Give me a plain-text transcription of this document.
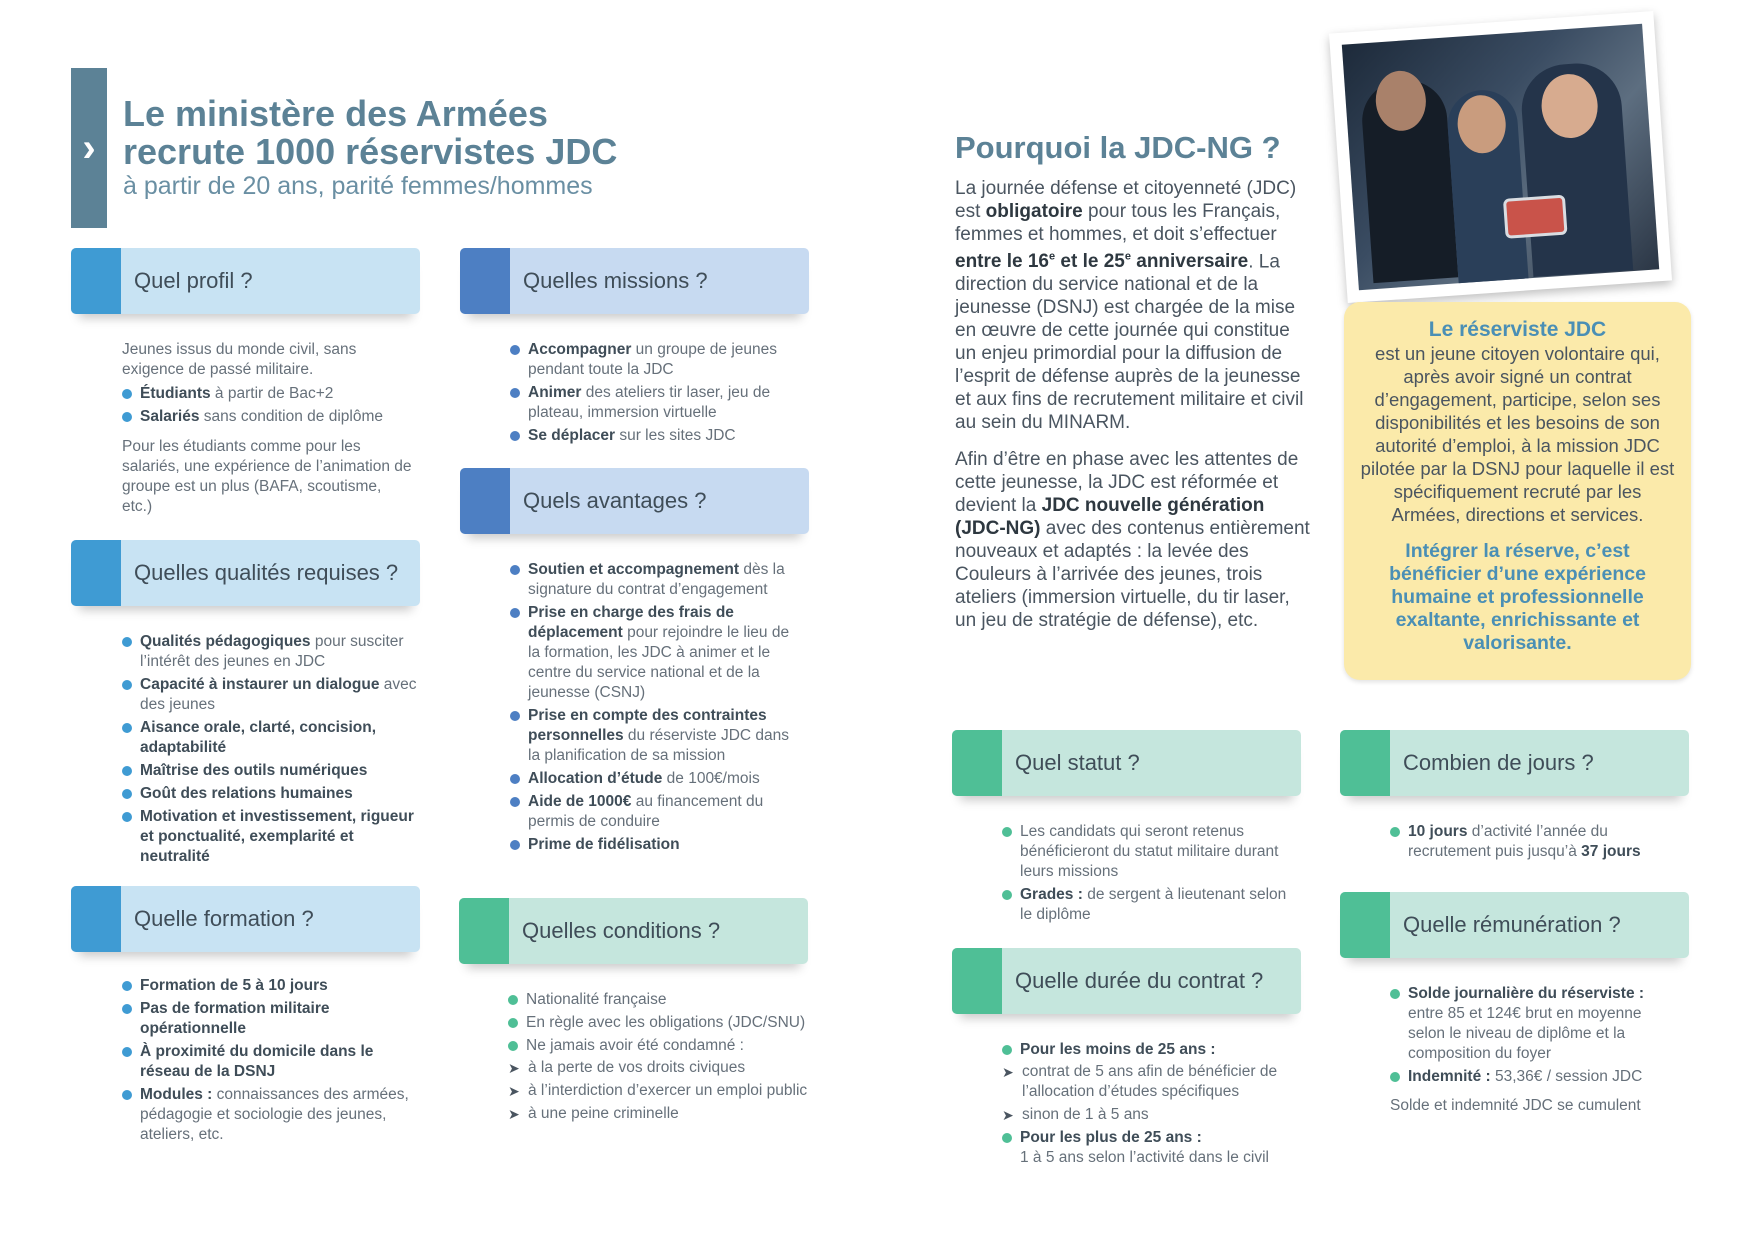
›
Le ministère des Armées
recrute 1000 réservistes JDC
à partir de 20 ans, parité femmes/hommes
Quel profil ?

Jeunes issus du monde civil, sans exigence de passé militaire.

Étudiants à partir de Bac+2
Salariés sans condition de diplôme

Pour les étudiants comme pour les salariés, une expérience de l’animation de groupe est un plus (BAFA, scoutisme, etc.)

Quelles qualités requises ?
Qualités pédagogiques pour susciter l’intérêt des jeunes en JDC
Capacité à instaurer un dialogue avec des jeunes
Aisance orale, clarté, concision, adaptabilité
Maîtrise des outils numériques
Goût des relations humaines
Motivation et investissement, rigueur et ponctualité, exemplarité et neutralité
Quelle formation ?
Formation de 5 à 10 jours
Pas de formation militaire opérationnelle
À proximité du domicile dans le réseau de la DSNJ
Modules : connaissances des armées, pédagogie et sociologie des jeunes, ateliers, etc.
Quelles missions ?
Accompagner un groupe de jeunes pendant toute la JDC
Animer des ateliers tir laser, jeu de plateau, immersion virtuelle
Se déplacer sur les sites JDC
Quels avantages ?
Soutien et accompagnement dès la signature du contrat d’engagement
Prise en charge des frais de déplacement pour rejoindre le lieu de la formation, les JDC à animer et le centre du service national et de la jeunesse (CSNJ)
Prise en compte des contraintes personnelles du réserviste JDC dans la planification de sa mission
Allocation d’étude de 100€/mois
Aide de 1000€ au financement du permis de conduire
Prime de fidélisation
Quelles conditions ?
Nationalité française
En règle avec les obligations (JDC/SNU)
Ne jamais avoir été condamné :
➤ à la perte de vos droits civiques
➤ à l’interdiction d’exercer un emploi public
➤ à une peine criminelle
Pourquoi la JDC-NG ?

La journée défense et citoyenneté (JDC) est obligatoire pour tous les Français, femmes et hommes, et doit s’effectuer entre le 16e et le 25e anniversaire. La direction du service national et de la jeunesse (DSNJ) est chargée de la mise en œuvre de cette journée qui constitue un enjeu primordial pour la diffusion de l’esprit de défense auprès de la jeunesse et aux fins de recrutement militaire et civil au sein du MINARM.

Afin d’être en phase avec les attentes de cette jeunesse, la JDC est réformée et devient la JDC nouvelle génération (JDC-NG) avec des contenus entièrement nouveaux et adaptés : la levée des Couleurs à l’arrivée des jeunes, trois ateliers (immersion virtuelle, du tir laser, un jeu de stratégie de défense), etc.

Quel statut ?
Les candidats qui seront retenus bénéficieront du statut militaire durant leurs missions
Grades : de sergent à lieutenant selon le diplôme
Quelle durée du contrat ?
Pour les moins de 25 ans :
➤ contrat de 5 ans afin de bénéficier de l’allocation d’études spécifiques
➤ sinon de 1 à 5 ans
Pour les plus de 25 ans :
1 à 5 ans selon l’activité dans le civil
Le réserviste JDC
est un jeune citoyen volontaire qui, après avoir signé un contrat d’engagement, participe, selon ses disponibilités et les besoins de son autorité d’emploi, à la mission JDC pilotée par la DSNJ pour laquelle il est spécifiquement recruté par les Armées, directions et services.
Intégrer la réserve, c’est bénéficier d’une expérience humaine et professionnelle exaltante, enrichissante et valorisante.
Combien de jours ?
10 jours d’activité l’année du recrutement puis jusqu’à 37 jours
Quelle rémunération ?
Solde journalière du réserviste : entre 85 et 124€ brut en moyenne selon le niveau de diplôme et la composition du foyer
Indemnité : 53,36€ / session JDC
Solde et indemnité JDC se cumulent
